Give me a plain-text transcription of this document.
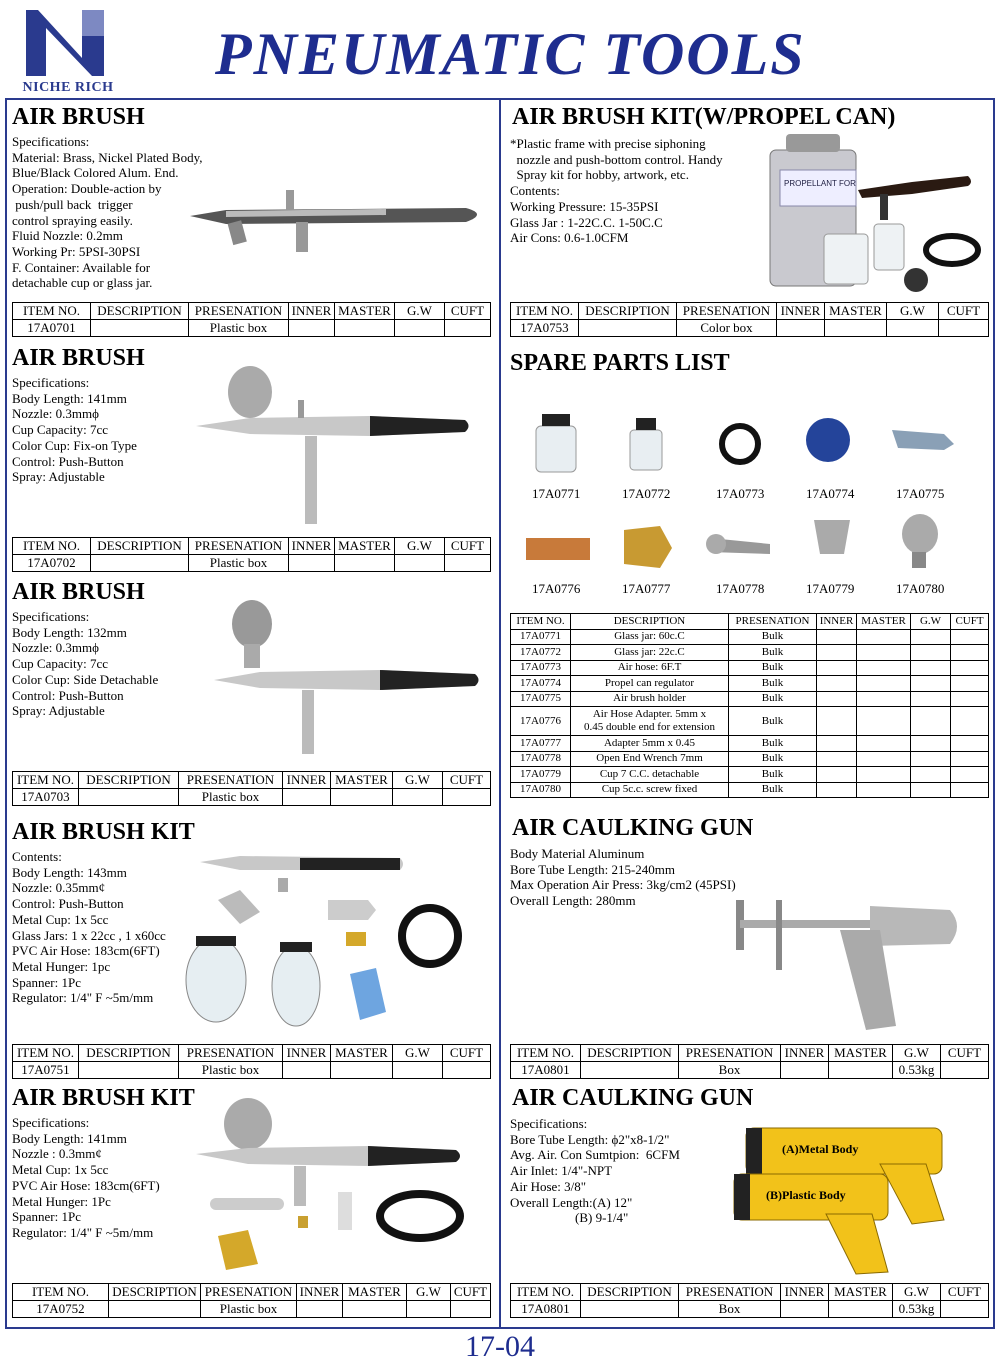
NICHE RICH
PNEUMATIC TOOLS
AIR BRUSH
Specifications:
Material: Brass, Nickel Plated Body,
Blue/Black Colored Alum. End.
Operation: Double-action by
push/pull back  trigger
control spraying easily.
Fluid Nozzle: 0.2mm
Working Pr: 5PSI-30PSI
F. Container: Available for
detachable cup or glass jar.
ITEM NO.	DESCRIPTION	PRESENATION	INNER	MASTER	G.W	CUFT
17A0701		Plastic box				
AIR BRUSH
Specifications:
Body Length: 141mm
Nozzle: 0.3mmϕ
Cup Capacity: 7cc
Color Cup: Fix-on Type
Control: Push-Button
Spray: Adjustable
ITEM NO.	DESCRIPTION	PRESENATION	INNER	MASTER	G.W	CUFT
17A0702		Plastic box				
AIR BRUSH
Specifications:
Body Length: 132mm
Nozzle: 0.3mmϕ
Cup Capacity: 7cc
Color Cup: Side Detachable
Control: Push-Button
Spray: Adjustable
ITEM NO.	DESCRIPTION	PRESENATION	INNER	MASTER	G.W	CUFT
17A0703		Plastic box				
AIR BRUSH KIT
Contents:
Body Length: 143mm
Nozzle: 0.35mm¢
Control: Push-Button
Metal Cup: 1x 5cc
Glass Jars: 1 x 22cc , 1 x60cc
PVC Air Hose: 183cm(6FT)
Metal Hunger: 1pc
Spanner: 1Pc
Regulator: 1/4" F ~5m/mm
ITEM NO.	DESCRIPTION	PRESENATION	INNER	MASTER	G.W	CUFT
17A0751		Plastic box				
AIR BRUSH KIT
Specifications:
Body Length: 141mm
Nozzle : 0.3mm¢
Metal Cup: 1x 5cc
PVC Air Hose: 183cm(6FT)
Metal Hunger: 1Pc
Spanner: 1Pc
Regulator: 1/4" F ~5m/mm
ITEM NO.	DESCRIPTION	PRESENATION	INNER	MASTER	G.W	CUFT
17A0752		Plastic box				
AIR BRUSH KIT(W/PROPEL CAN)
*Plastic frame with precise siphoning
nozzle and push-bottom control. Handy
Spray kit for hobby, artwork, etc.
Contents:
Working Pressure: 15-35PSI
Glass Jar : 1-22C.C. 1-50C.C
Air Cons: 0.6-1.0CFM
PROPELLANT FOR
ITEM NO.	DESCRIPTION	PRESENATION	INNER	MASTER	G.W	CUFT
17A0753		Color box				
SPARE PARTS LIST
17A0771	17A0772	17A0773	17A0774	17A0775
17A0776	17A0777	17A0778	17A0779	17A0780
ITEM NO.	DESCRIPTION	PRESENATION	INNER	MASTER	G.W	CUFT
17A0771	Glass jar: 60c.C	Bulk				
17A0772	Glass jar: 22c.C	Bulk				
17A0773	Air hose: 6F.T	Bulk				
17A0774	Propel can regulator	Bulk				
17A0775	Air brush holder	Bulk				
17A0776	Air Hose Adapter. 5mm x
0.45 double end for extension	Bulk				
17A0777	Adapter 5mm x 0.45	Bulk				
17A0778	Open End Wrench 7mm	Bulk				
17A0779	Cup 7 C.C. detachable	Bulk				
17A0780	Cup 5c.c. screw fixed	Bulk				
AIR CAULKING GUN
Body Material Aluminum
Bore Tube Length: 215-240mm
Max Operation Air Press: 3kg/cm2 (45PSI)
Overall Length: 280mm
ITEM NO.	DESCRIPTION	PRESENATION	INNER	MASTER	G.W	CUFT
17A0801		Box			0.53kg	
AIR CAULKING GUN
Specifications:
Bore Tube Length: ϕ2"x8-1/2"
Avg. Air. Con Sumtpion:  6CFM
Air Inlet: 1/4"-NPT
Air Hose: 3/8"
Overall Length:(A) 12"
(B) 9-1/4"
(A)Metal Body
(B)Plastic Body
ITEM NO.	DESCRIPTION	PRESENATION	INNER	MASTER	G.W	CUFT
17A0801		Box			0.53kg	
17-04
